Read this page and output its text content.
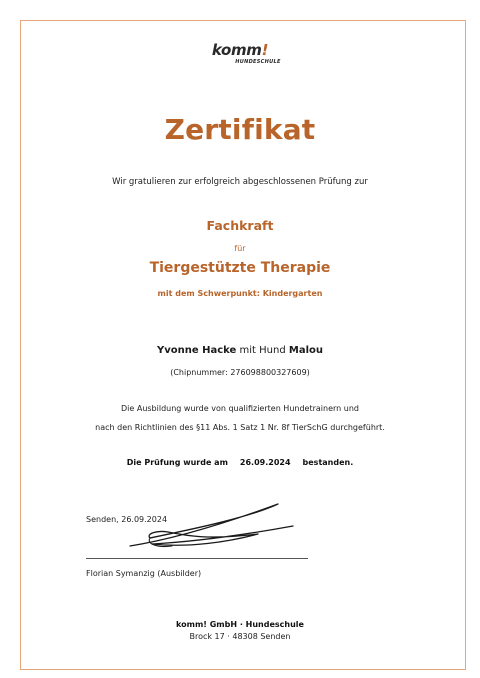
komm!
HUNDESCHULE
Zertifikat
Wir gratulieren zur erfolgreich abgeschlossenen Prüfung zur
Fachkraft
für
Tiergestützte Therapie
mit dem Schwerpunkt: Kindergarten
Yvonne Hacke mit Hund Malou
(Chipnummer: 276098800327609)
Die Ausbildung wurde von qualifizierten Hundetrainern und
nach den Richtlinien des §11 Abs. 1 Satz 1 Nr. 8f TierSchG durchgeführt.
Die Prüfung wurde am 26.09.2024 bestanden.
Senden, 26.09.2024
Florian Symanzig (Ausbilder)
komm! GmbH · Hundeschule
Brock 17 · 48308 Senden
